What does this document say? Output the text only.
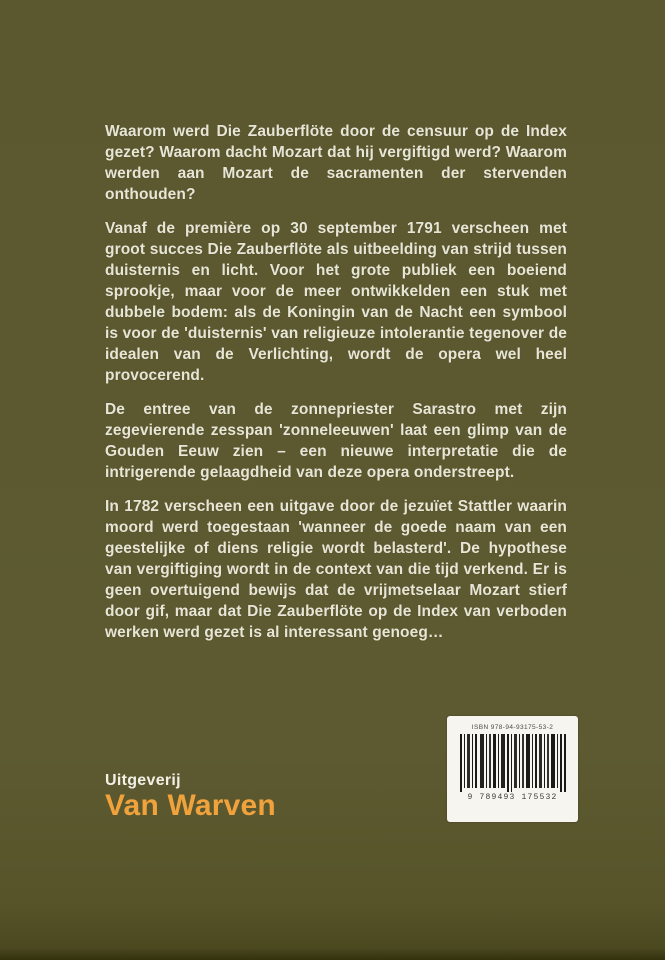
Waarom werd Die Zauberflöte door de censuur op de Index gezet? Waarom dacht Mozart dat hij vergiftigd werd? Waarom werden aan Mozart de sacramenten der stervenden onthouden?

Vanaf de première op 30 september 1791 verscheen met groot succes Die Zauberflöte als uitbeelding van strijd tussen duisternis en licht. Voor het grote publiek een boeiend sprookje, maar voor de meer ontwikkelden een stuk met dubbele bodem: als de Koningin van de Nacht een symbool is voor de 'duisternis' van religieuze intolerantie tegenover de idealen van de Verlichting, wordt de opera wel heel provocerend.

De entree van de zonnepriester Sarastro met zijn zegevierende zesspan 'zonneleeuwen' laat een glimp van de Gouden Eeuw zien – een nieuwe interpretatie die de intrigerende gelaagdheid van deze opera onderstreept.

In 1782 verscheen een uitgave door de jezuïet Stattler waarin moord werd toegestaan 'wanneer de goede naam van een geestelijke of diens religie wordt belasterd'. De hypothese van vergiftiging wordt in de context van die tijd verkend. Er is geen overtuigend bewijs dat de vrijmetselaar Mozart stierf door gif, maar dat Die Zauberflöte op de Index van verboden werken werd gezet is al interessant genoeg…

Uitgeverij
Van Warven
ISBN 978-94-93175-53-2
9 789493 175532
